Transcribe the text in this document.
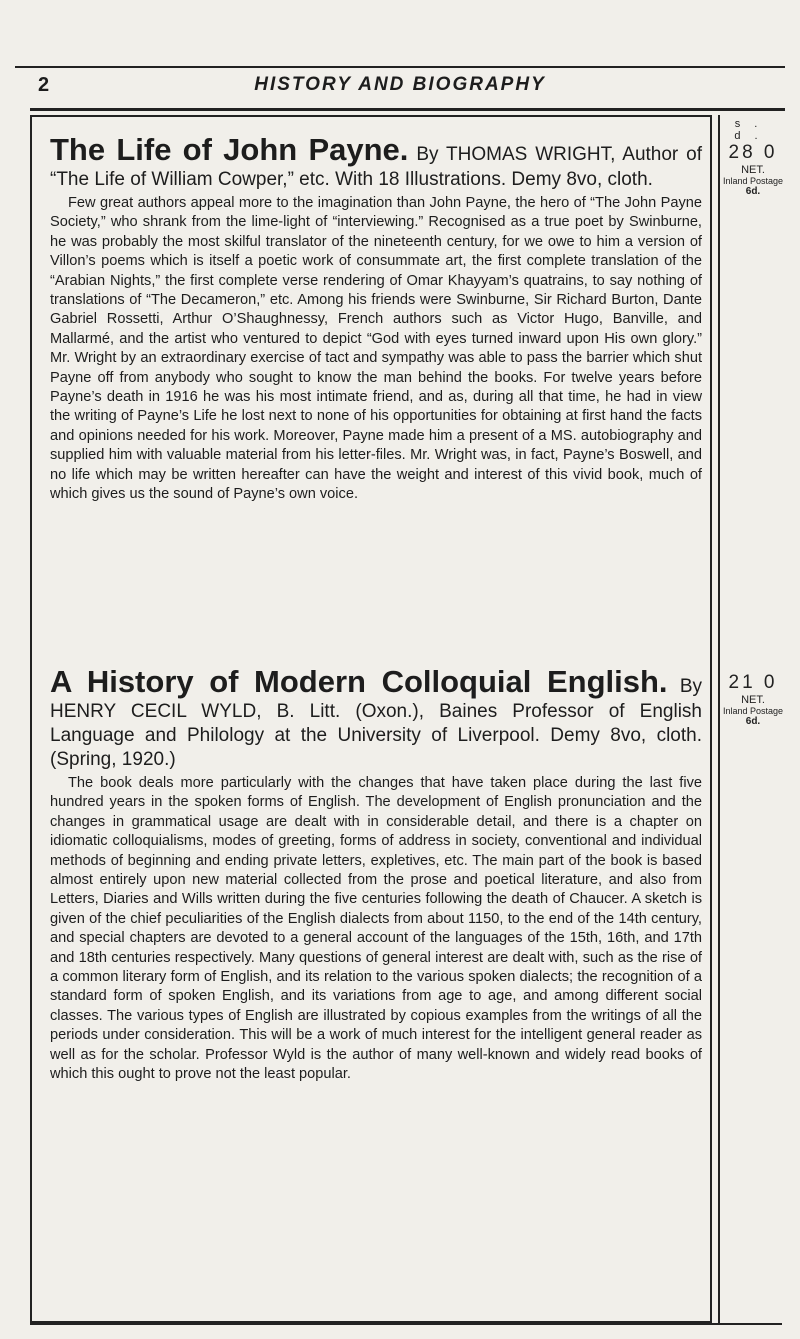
2	HISTORY AND BIOGRAPHY
The Life of John Payne. By THOMAS WRIGHT, Author of “The Life of William Cowper,” etc. With 18 Illustrations. Demy 8vo, cloth.

Few great authors appeal more to the imagination than John Payne, the hero of “The John Payne Society,” who shrank from the lime-light of “interviewing.” Recognised as a true poet by Swinburne, he was probably the most skilful translator of the nineteenth century, for we owe to him a version of Villon’s poems which is itself a poetic work of consummate art, the first complete translation of the “Arabian Nights,” the first complete verse rendering of Omar Khayyam’s quatrains, to say nothing of translations of “The Decameron,” etc. Among his friends were Swinburne, Sir Richard Burton, Dante Gabriel Rossetti, Arthur O’Shaughnessy, French authors such as Victor Hugo, Banville, and Mallarmé, and the artist who ventured to depict “God with eyes turned inward upon His own glory.” Mr. Wright by an extraordinary exercise of tact and sympathy was able to pass the barrier which shut Payne off from anybody who sought to know the man behind the books. For twelve years before Payne’s death in 1916 he was his most intimate friend, and as, during all that time, he had in view the writing of Payne’s Life he lost next to none of his opportunities for obtaining at first hand the facts and opinions needed for his work. Moreover, Payne made him a present of a MS. autobiography and supplied him with valuable material from his letter-files. Mr. Wright was, in fact, Payne’s Boswell, and no life which may be written hereafter can have the weight and interest of this vivid book, much of which gives us the sound of Payne’s own voice.

s. d.
28 0
NET.
Inland Postage
6d.
A History of Modern Colloquial English. By HENRY CECIL WYLD, B. Litt. (Oxon.), Baines Professor of English Language and Philology at the University of Liverpool. Demy 8vo, cloth. (Spring, 1920.)

The book deals more particularly with the changes that have taken place during the last five hundred years in the spoken forms of English. The development of English pronunciation and the changes in grammatical usage are dealt with in considerable detail, and there is a chapter on idiomatic colloquialisms, modes of greeting, forms of address in society, conventional and individual methods of beginning and ending private letters, expletives, etc. The main part of the book is based almost entirely upon new material collected from the prose and poetical literature, and also from Letters, Diaries and Wills written during the five centuries following the death of Chaucer. A sketch is given of the chief peculiarities of the English dialects from about 1150, to the end of the 14th century, and special chapters are devoted to a general account of the languages of the 15th, 16th, and 17th and 18th centuries respectively. Many questions of general interest are dealt with, such as the rise of a common literary form of English, and its relation to the various spoken dialects; the recognition of a standard form of spoken English, and its variations from age to age, and among different social classes. The various types of English are illustrated by copious examples from the writings of all the periods under consideration. This will be a work of much interest for the intelligent general reader as well as for the scholar. Professor Wyld is the author of many well-known and widely read books of which this ought to prove not the least popular.

21 0
NET.
Inland Postage
6d.
